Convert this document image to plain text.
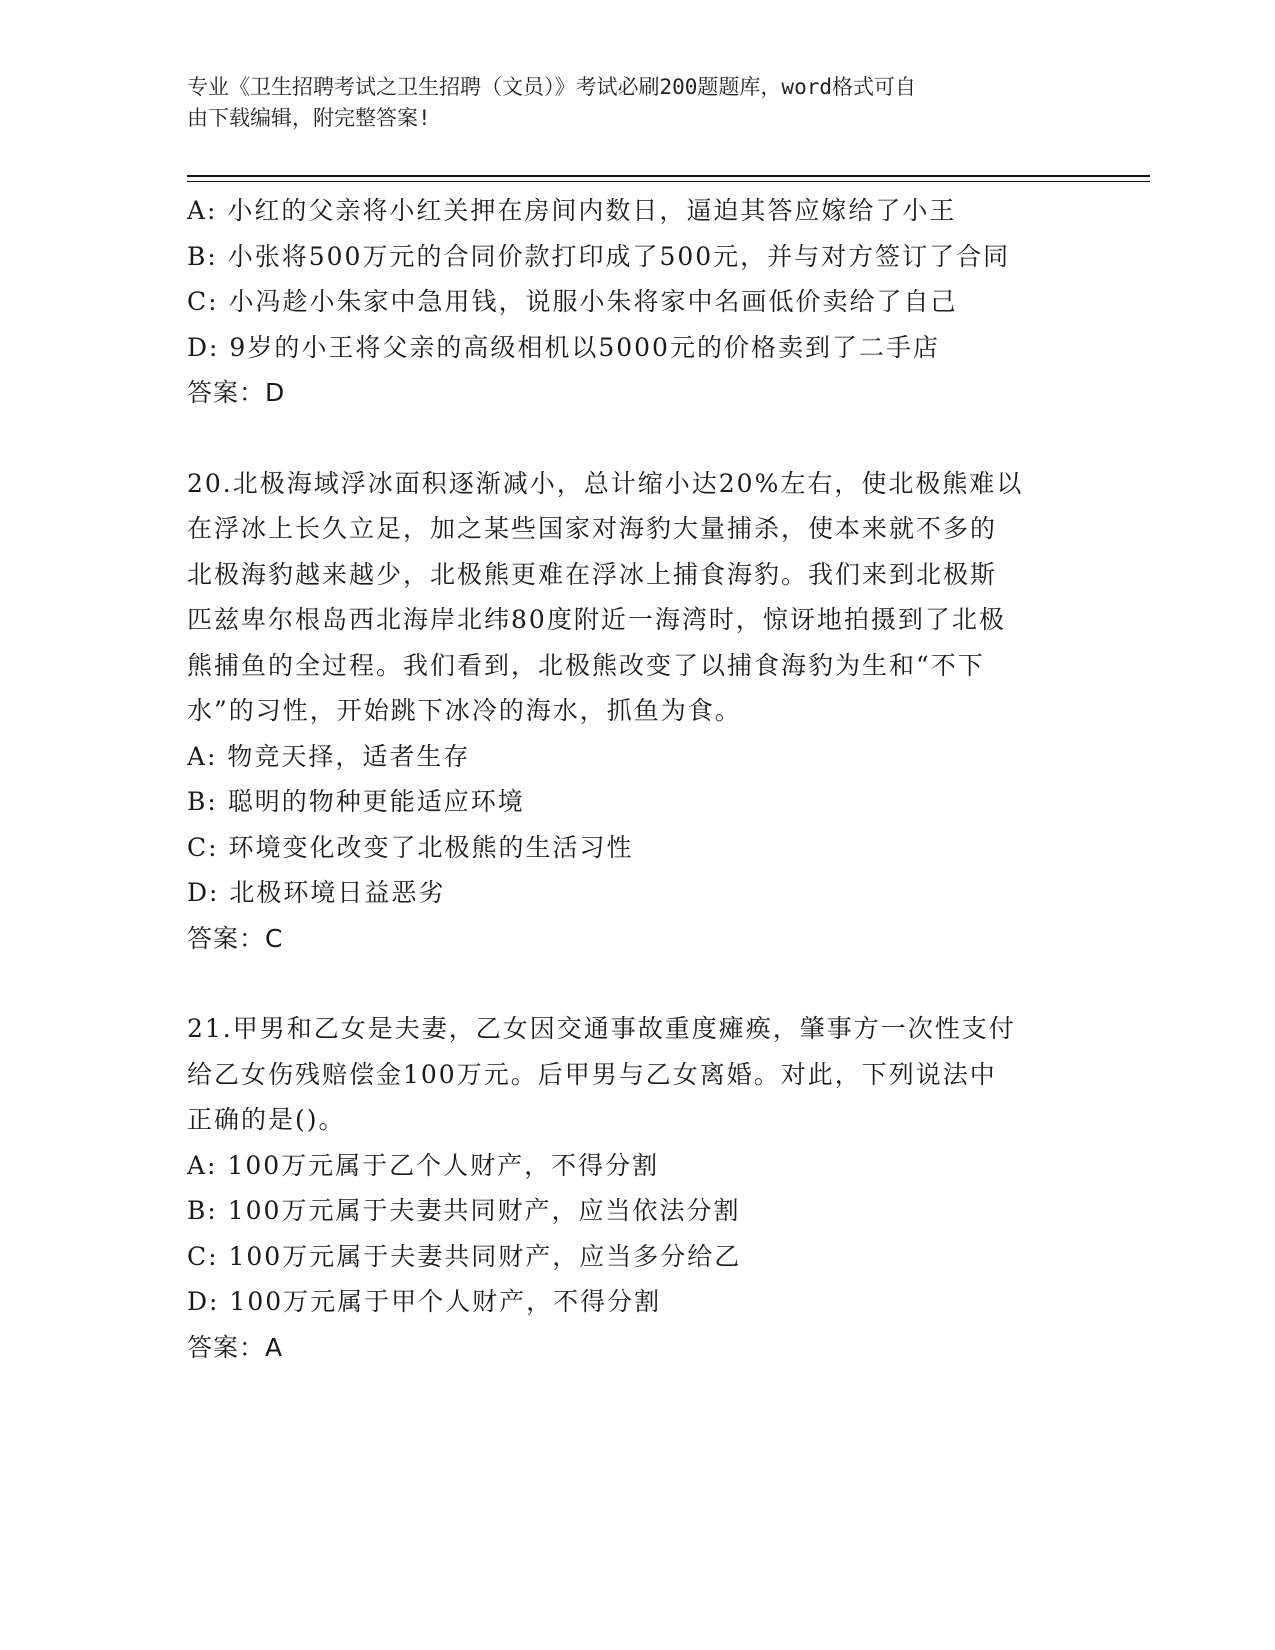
专业《卫生招聘考试之卫生招聘（文员）》考试必刷200题题库，word格式可自
由下载编辑，附完整答案!
A: 小红的父亲将小红关押在房间内数日，逼迫其答应嫁给了小王
B: 小张将500万元的合同价款打印成了500元，并与对方签订了合同
C: 小冯趁小朱家中急用钱，说服小朱将家中名画低价卖给了自己
D: 9岁的小王将父亲的高级相机以5000元的价格卖到了二手店
答案：D
20.北极海域浮冰面积逐渐减小，总计缩小达20%左右，使北极熊难以
在浮冰上长久立足，加之某些国家对海豹大量捕杀，使本来就不多的
北极海豹越来越少，北极熊更难在浮冰上捕食海豹。我们来到北极斯
匹兹卑尔根岛西北海岸北纬80度附近一海湾时，惊讶地拍摄到了北极
熊捕鱼的全过程。我们看到，北极熊改变了以捕食海豹为生和“不下
水”的习性，开始跳下冰冷的海水，抓鱼为食。
A: 物竞天择，适者生存
B: 聪明的物种更能适应环境
C: 环境变化改变了北极熊的生活习性
D: 北极环境日益恶劣
答案：C
21.甲男和乙女是夫妻，乙女因交通事故重度瘫痪，肇事方一次性支付
给乙女伤残赔偿金100万元。后甲男与乙女离婚。对此，下列说法中
正确的是()。
A: 100万元属于乙个人财产，不得分割
B: 100万元属于夫妻共同财产，应当依法分割
C: 100万元属于夫妻共同财产，应当多分给乙
D: 100万元属于甲个人财产，不得分割
答案：A
